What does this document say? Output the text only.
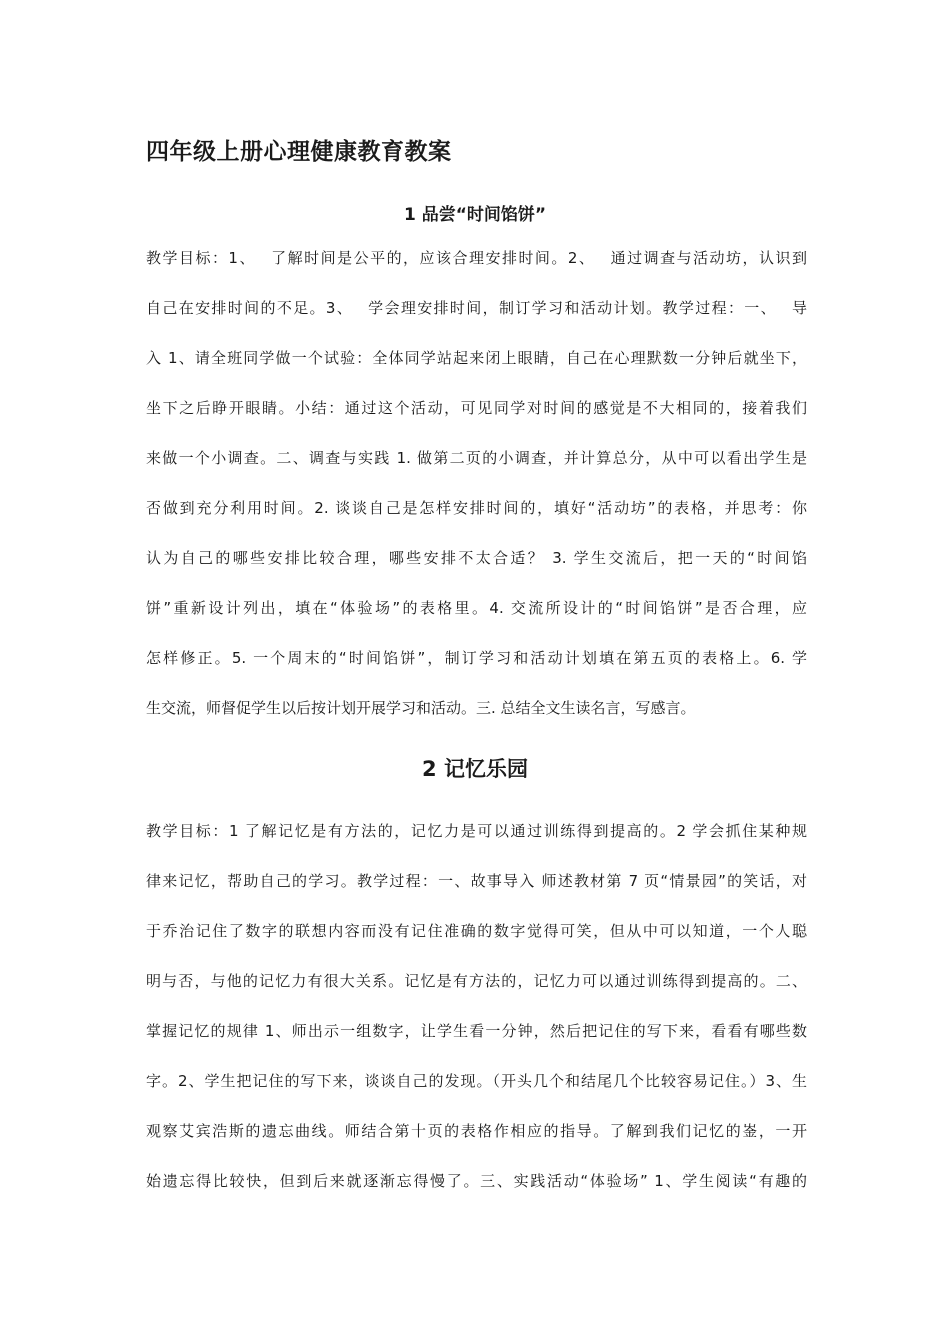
四年级上册心理健康教育教案
1 品尝“时间馅饼”
教学目标：1、　 了解时间是公平的，应该合理安排时间。2、　 通过调查与活动坊，认识到
自己在安排时间的不足。3、　 学会理安排时间，制订学习和活动计划。教学过程：一、　 导
入 1、请全班同学做一个试验：全体同学站起来闭上眼睛，自己在心理默数一分钟后就坐下，
坐下之后睁开眼睛。小结：通过这个活动，可见同学对时间的感觉是不大相同的，接着我们
来做一个小调查。二、调查与实践 1. 做第二页的小调查，并计算总分，从中可以看出学生是
否做到充分利用时间。2. 谈谈自己是怎样安排时间的，填好“活动坊”的表格，并思考：你
认为自己的哪些安排比较合理，哪些安排不太合适？ 3. 学生交流后，把一天的“时间馅
饼”重新设计列出，填在“体验场”的表格里。4. 交流所设计的“时间馅饼”是否合理，应
怎样修正。5. 一个周末的“时间馅饼”，制订学习和活动计划填在第五页的表格上。6. 学
生交流，师督促学生以后按计划开展学习和活动。三. 总结全文生读名言，写感言。
2 记忆乐园
教学目标：1 了解记忆是有方法的，记忆力是可以通过训练得到提高的。2 学会抓住某种规
律来记忆，帮助自己的学习。教学过程：一、故事导入 师述教材第 7 页“情景园”的笑话，对
于乔治记住了数字的联想内容而没有记住准确的数字觉得可笑，但从中可以知道，一个人聪
明与否，与他的记忆力有很大关系。记忆是有方法的，记忆力可以通过训练得到提高的。二、
掌握记忆的规律 1、师出示一组数字，让学生看一分钟，然后把记住的写下来，看看有哪些数
字。2、学生把记住的写下来，谈谈自己的发现。（开头几个和结尾几个比较容易记住。）3、生
观察艾宾浩斯的遗忘曲线。师结合第十页的表格作相应的指导。了解到我们记忆的崟，一开
始遗忘得比较快，但到后来就逐渐忘得慢了。三、实践活动“体验场” 1、学生阅读“有趣的
